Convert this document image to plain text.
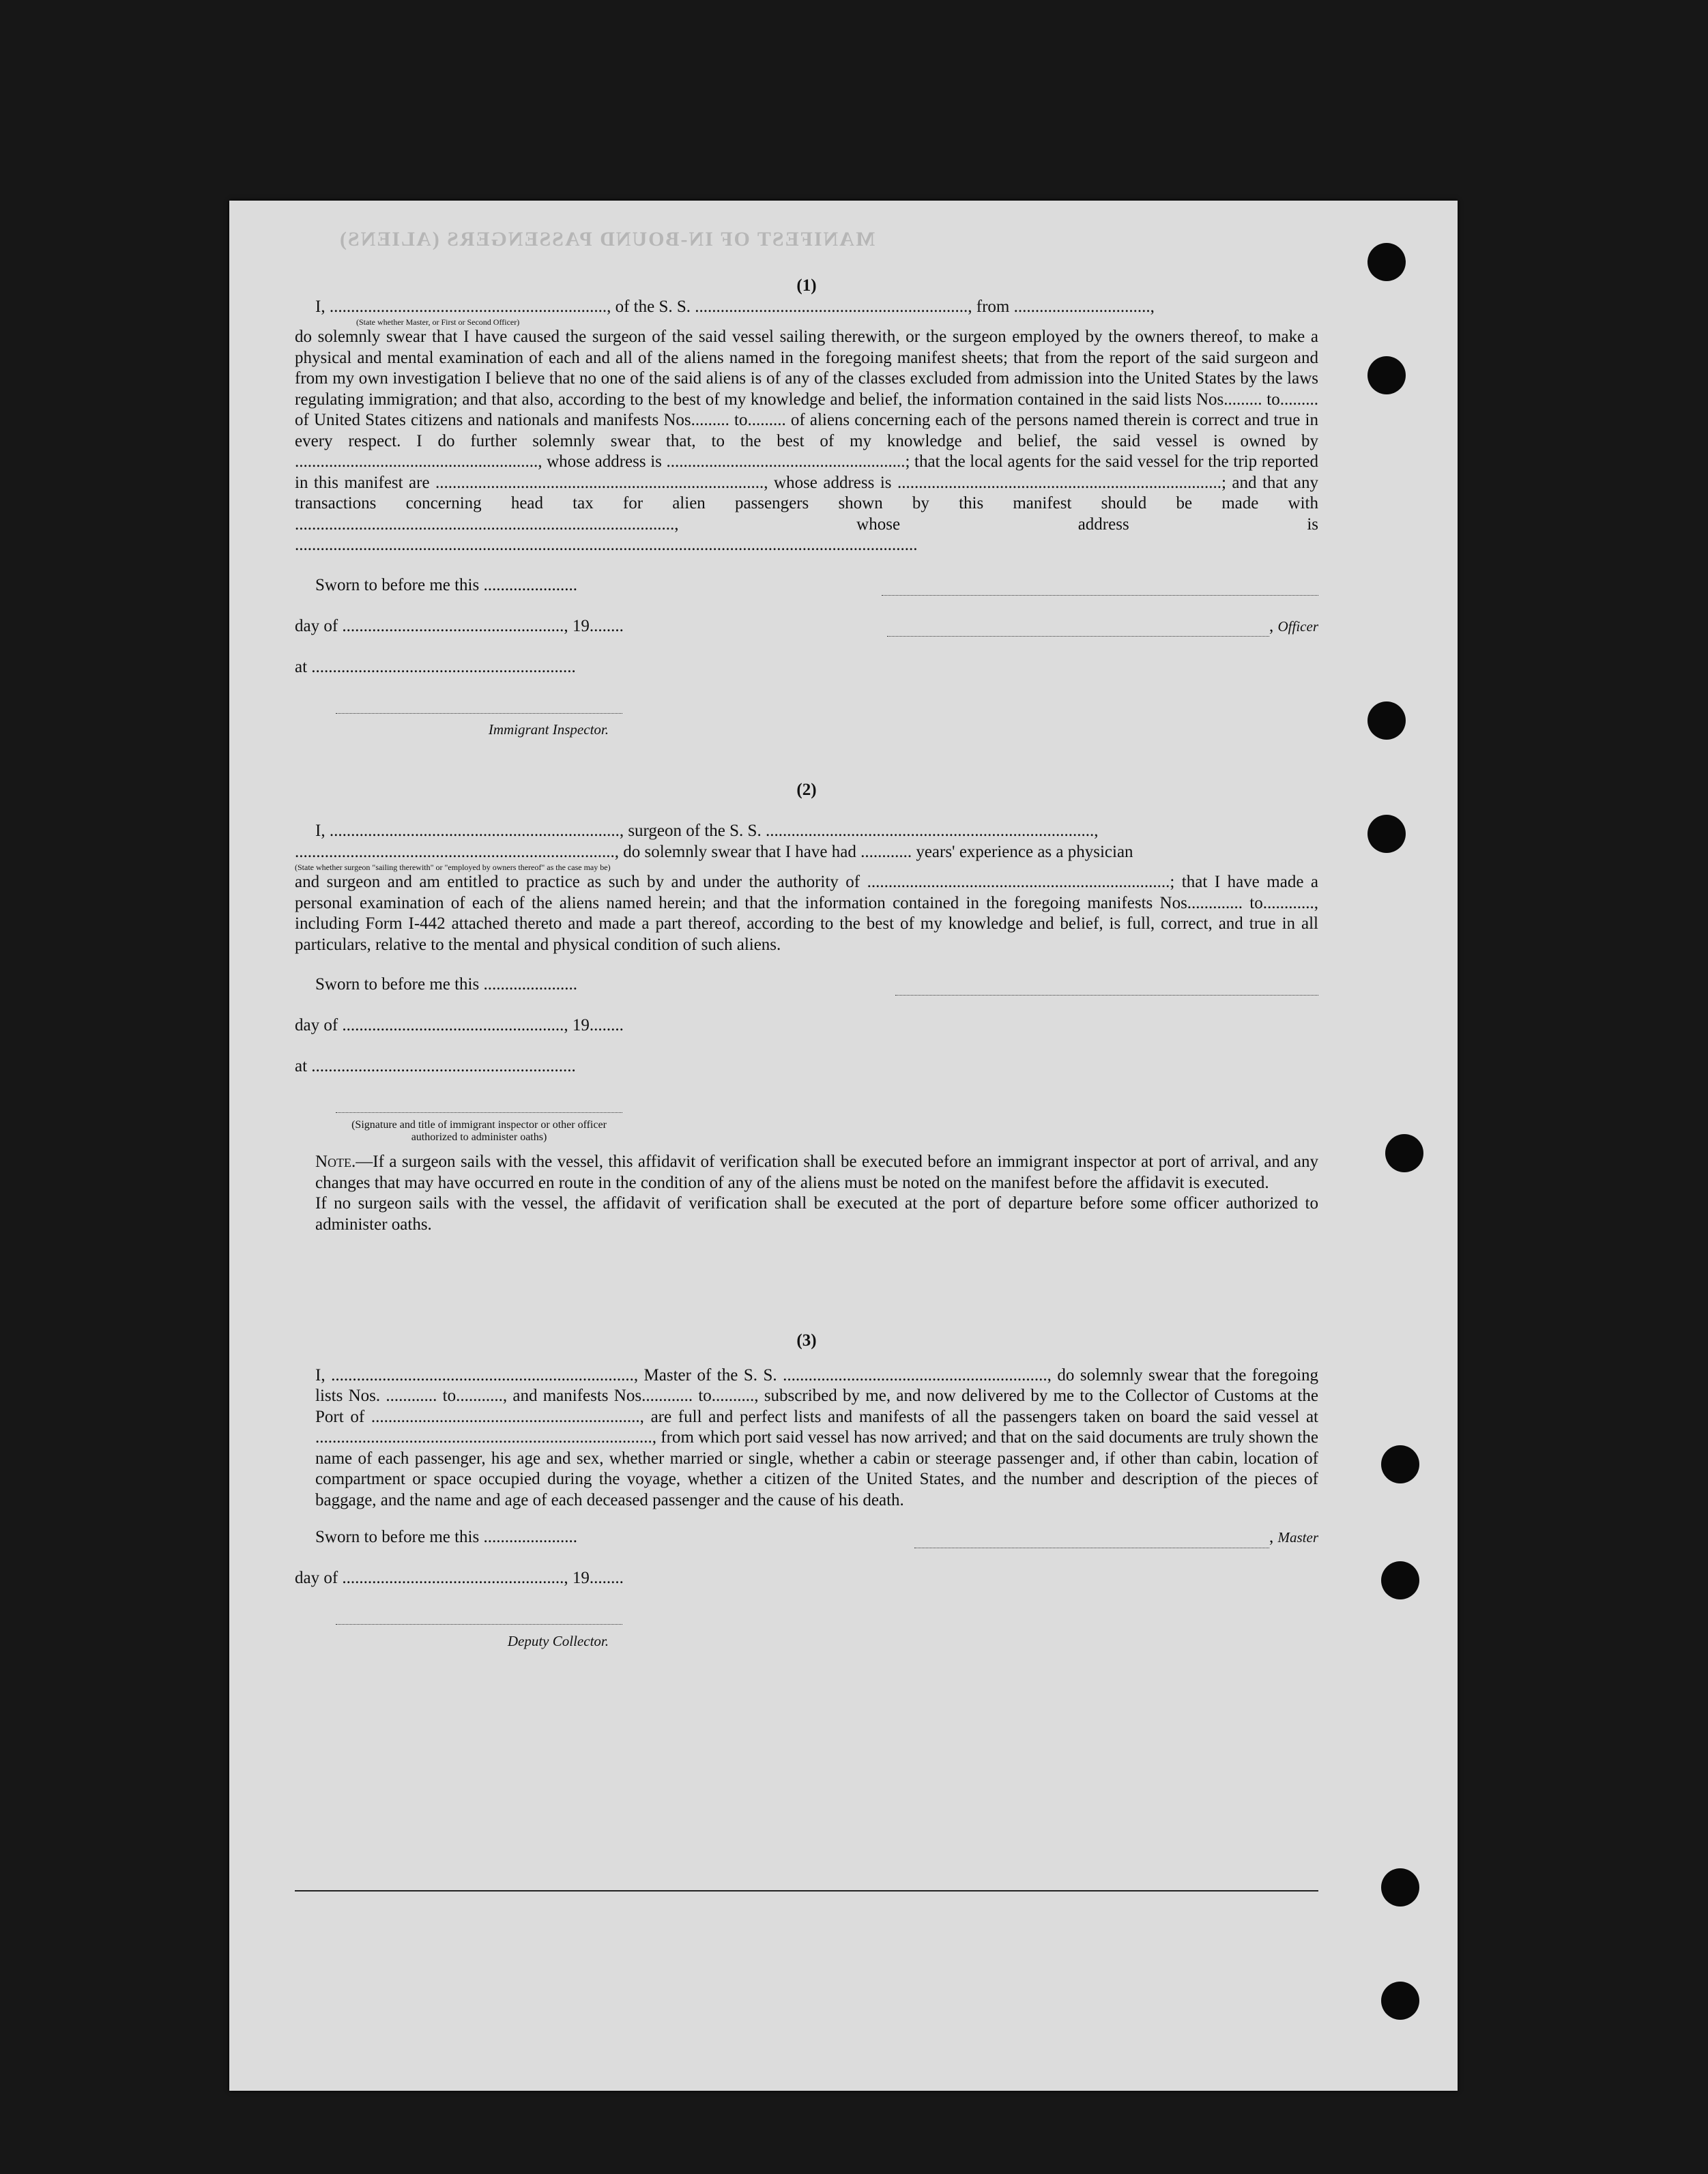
MANIFEST OF IN-BOUND PASSENGERS (ALIENS)

(1)

I, ................................................................., of the S. S. ................................................................, from ................................,

(State whether Master, or First or Second Officer)

do solemnly swear that I have caused the surgeon of the said vessel sailing therewith, or the surgeon employed by the owners thereof, to make a physical and mental examination of each and all of the aliens named in the foregoing manifest sheets; that from the report of the said surgeon and from my own investigation I believe that no one of the said aliens is of any of the classes excluded from admission into the United States by the laws regulating immigration; and that also, according to the best of my knowledge and belief, the information contained in the said lists Nos......... to......... of United States citizens and nationals and manifests Nos......... to......... of aliens concerning each of the persons named therein is correct and true in every respect. I do further solemnly swear that, to the best of my knowledge and belief, the said vessel is owned by ........................................................., whose address is ........................................................; that the local agents for the said vessel for the trip reported in this manifest are ............................................................................., whose address is ............................................................................; and that any transactions concerning head tax for alien passengers shown by this manifest should be made with ........................................................................................., whose address is ..................................................................................................................................................

Sworn to before me this ......................
day of ...................................................., 19........
at ..............................................................
Immigrant Inspector.
, Officer

(2)

I, ...................................................................., surgeon of the S. S. .............................................................................,

..........................................................................., do solemnly swear that I have had ............ years' experience as a physician

(State whether surgeon "sailing therewith" or "employed by owners thereof" as the case may be)

and surgeon and am entitled to practice as such by and under the authority of .......................................................................; that I have made a personal examination of each of the aliens named herein; and that the information contained in the foregoing manifests Nos............. to............, including Form I-442 attached thereto and made a part thereof, according to the best of my knowledge and belief, is full, correct, and true in all particulars, relative to the mental and physical condition of such aliens.

Sworn to before me this ......................
day of ...................................................., 19........
at ..............................................................
(Signature and title of immigrant inspector or other officer authorized to administer oaths)

Note.—If a surgeon sails with the vessel, this affidavit of verification shall be executed before an immigrant inspector at port of arrival, and any changes that may have occurred en route in the condition of any of the aliens must be noted on the manifest before the affidavit is executed.

If no surgeon sails with the vessel, the affidavit of verification shall be executed at the port of departure before some officer authorized to administer oaths.

(3)

I, ......................................................................., Master of the S. S. .............................................................., do solemnly swear that the foregoing lists Nos. ............ to..........., and manifests Nos............ to.........., subscribed by me, and now delivered by me to the Collector of Customs at the Port of ..............................................................., are full and perfect lists and manifests of all the passengers taken on board the said vessel at ..............................................................................., from which port said vessel has now arrived; and that on the said documents are truly shown the name of each passenger, his age and sex, whether married or single, whether a cabin or steerage passenger and, if other than cabin, location of compartment or space occupied during the voyage, whether a citizen of the United States, and the number and description of the pieces of baggage, and the name and age of each deceased passenger and the cause of his death.

Sworn to before me this ......................
day of ...................................................., 19........
Deputy Collector.
, Master
